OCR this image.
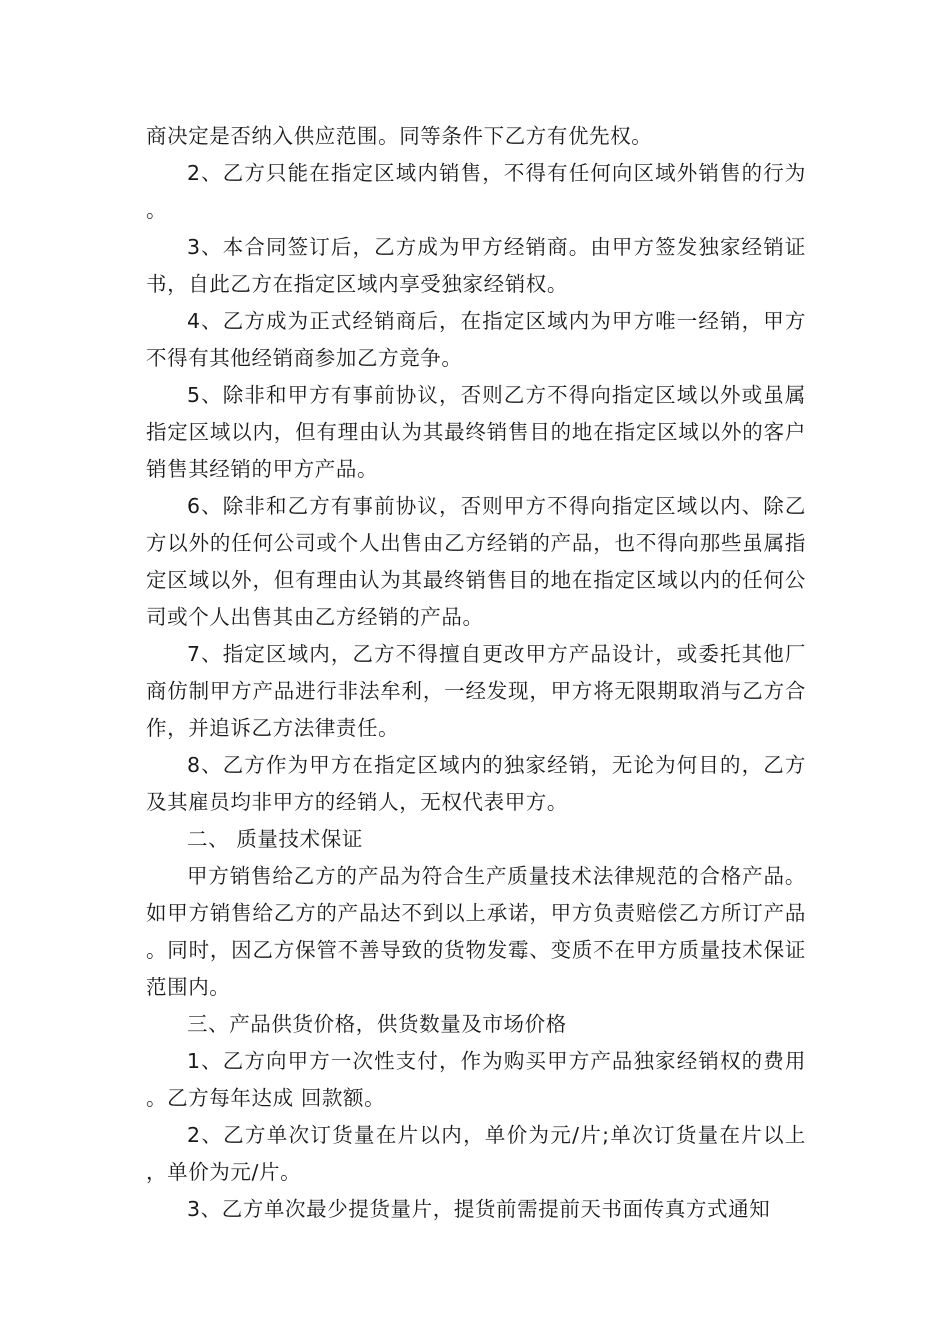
商决定是否纳入供应范围。同等条件下乙方有优先权。

2、乙方只能在指定区域内销售，不得有任何向区域外销售的行为。

3、本合同签订后，乙方成为甲方经销商。由甲方签发独家经销证书，自此乙方在指定区域内享受独家经销权。

4、乙方成为正式经销商后，在指定区域内为甲方唯一经销，甲方不得有其他经销商参加乙方竞争。

5、除非和甲方有事前协议，否则乙方不得向指定区域以外或虽属指定区域以内，但有理由认为其最终销售目的地在指定区域以外的客户销售其经销的甲方产品。

6、除非和乙方有事前协议，否则甲方不得向指定区域以内、除乙方以外的任何公司或个人出售由乙方经销的产品，也不得向那些虽属指定区域以外，但有理由认为其最终销售目的地在指定区域以内的任何公司或个人出售其由乙方经销的产品。

7、指定区域内，乙方不得擅自更改甲方产品设计，或委托其他厂商仿制甲方产品进行非法牟利，一经发现，甲方将无限期取消与乙方合作，并追诉乙方法律责任。

8、乙方作为甲方在指定区域内的独家经销，无论为何目的，乙方及其雇员均非甲方的经销人，无权代表甲方。

二、 质量技术保证

甲方销售给乙方的产品为符合生产质量技术法律规范的合格产品。如甲方销售给乙方的产品达不到以上承诺，甲方负责赔偿乙方所订产品。同时，因乙方保管不善导致的货物发霉、变质不在甲方质量技术保证范围内。

三、产品供货价格，供货数量及市场价格

1、乙方向甲方一次性支付，作为购买甲方产品独家经销权的费用。乙方每年达成 回款额。

2、乙方单次订货量在片以内，单价为元/片;单次订货量在片以上，单价为元/片。

3、乙方单次最少提货量片，提货前需提前天书面传真方式通知
